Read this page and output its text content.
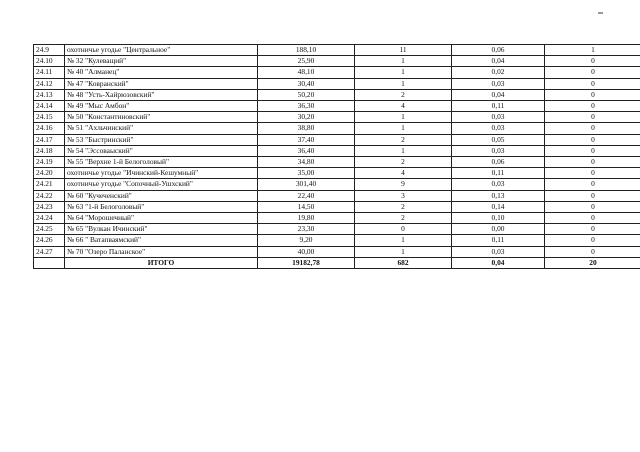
24.9	охотничье угодье "Центральное"	188,10	11	0,06	1
24.10	№ 32 "Кулеващий"	25,90	1	0,04	0
24.11	№ 40 "Алманец"	48,10	1	0,02	0
24.12	№ 47 "Ковранский"	30,40	1	0,03	0
24.13	№ 48 "Усть-Хайрюзовский"	50,20	2	0,04	0
24.14	№ 49 "Мыс Амбон"	36,30	4	0,11	0
24.15	№ 50 "Константиновский"	30,20	1	0,03	0
24.16	№ 51 "Ахльчинский"	38,80	1	0,03	0
24.17	№ 53 "Быстринский"	37,40	2	0,05	0
24.18	№ 54 "Эссоваыский"	36,40	1	0,03	0
24.19	№ 55 "Верхне 1-й Белоголовый"	34,80	2	0,06	0
24.20	охотничье угодье "Ичинский-Кешумный"	35,00	4	0,11	0
24.21	охотничье угодье "Сопочный-Ушхский"	301,40	9	0,03	0
24.22	№ 60 "Кучеченский"	22,40	3	0,13	0
24.23	№ 63 "1-й Белоголовый"	14,50	2	0,14	0
24.24	№ 64 "Морошечный"	19,80	2	0,10	0
24.25	№ 65 "Вулкан Ичинский"	23,30	0	0,00	0
24.26	№ 66 " Ватапваямский"	9,20	1	0,11	0
24.27	№ 70 "Озеро Паланское"	40,00	1	0,03	0
	ИТОГО	19182,78	682	0,04	20
